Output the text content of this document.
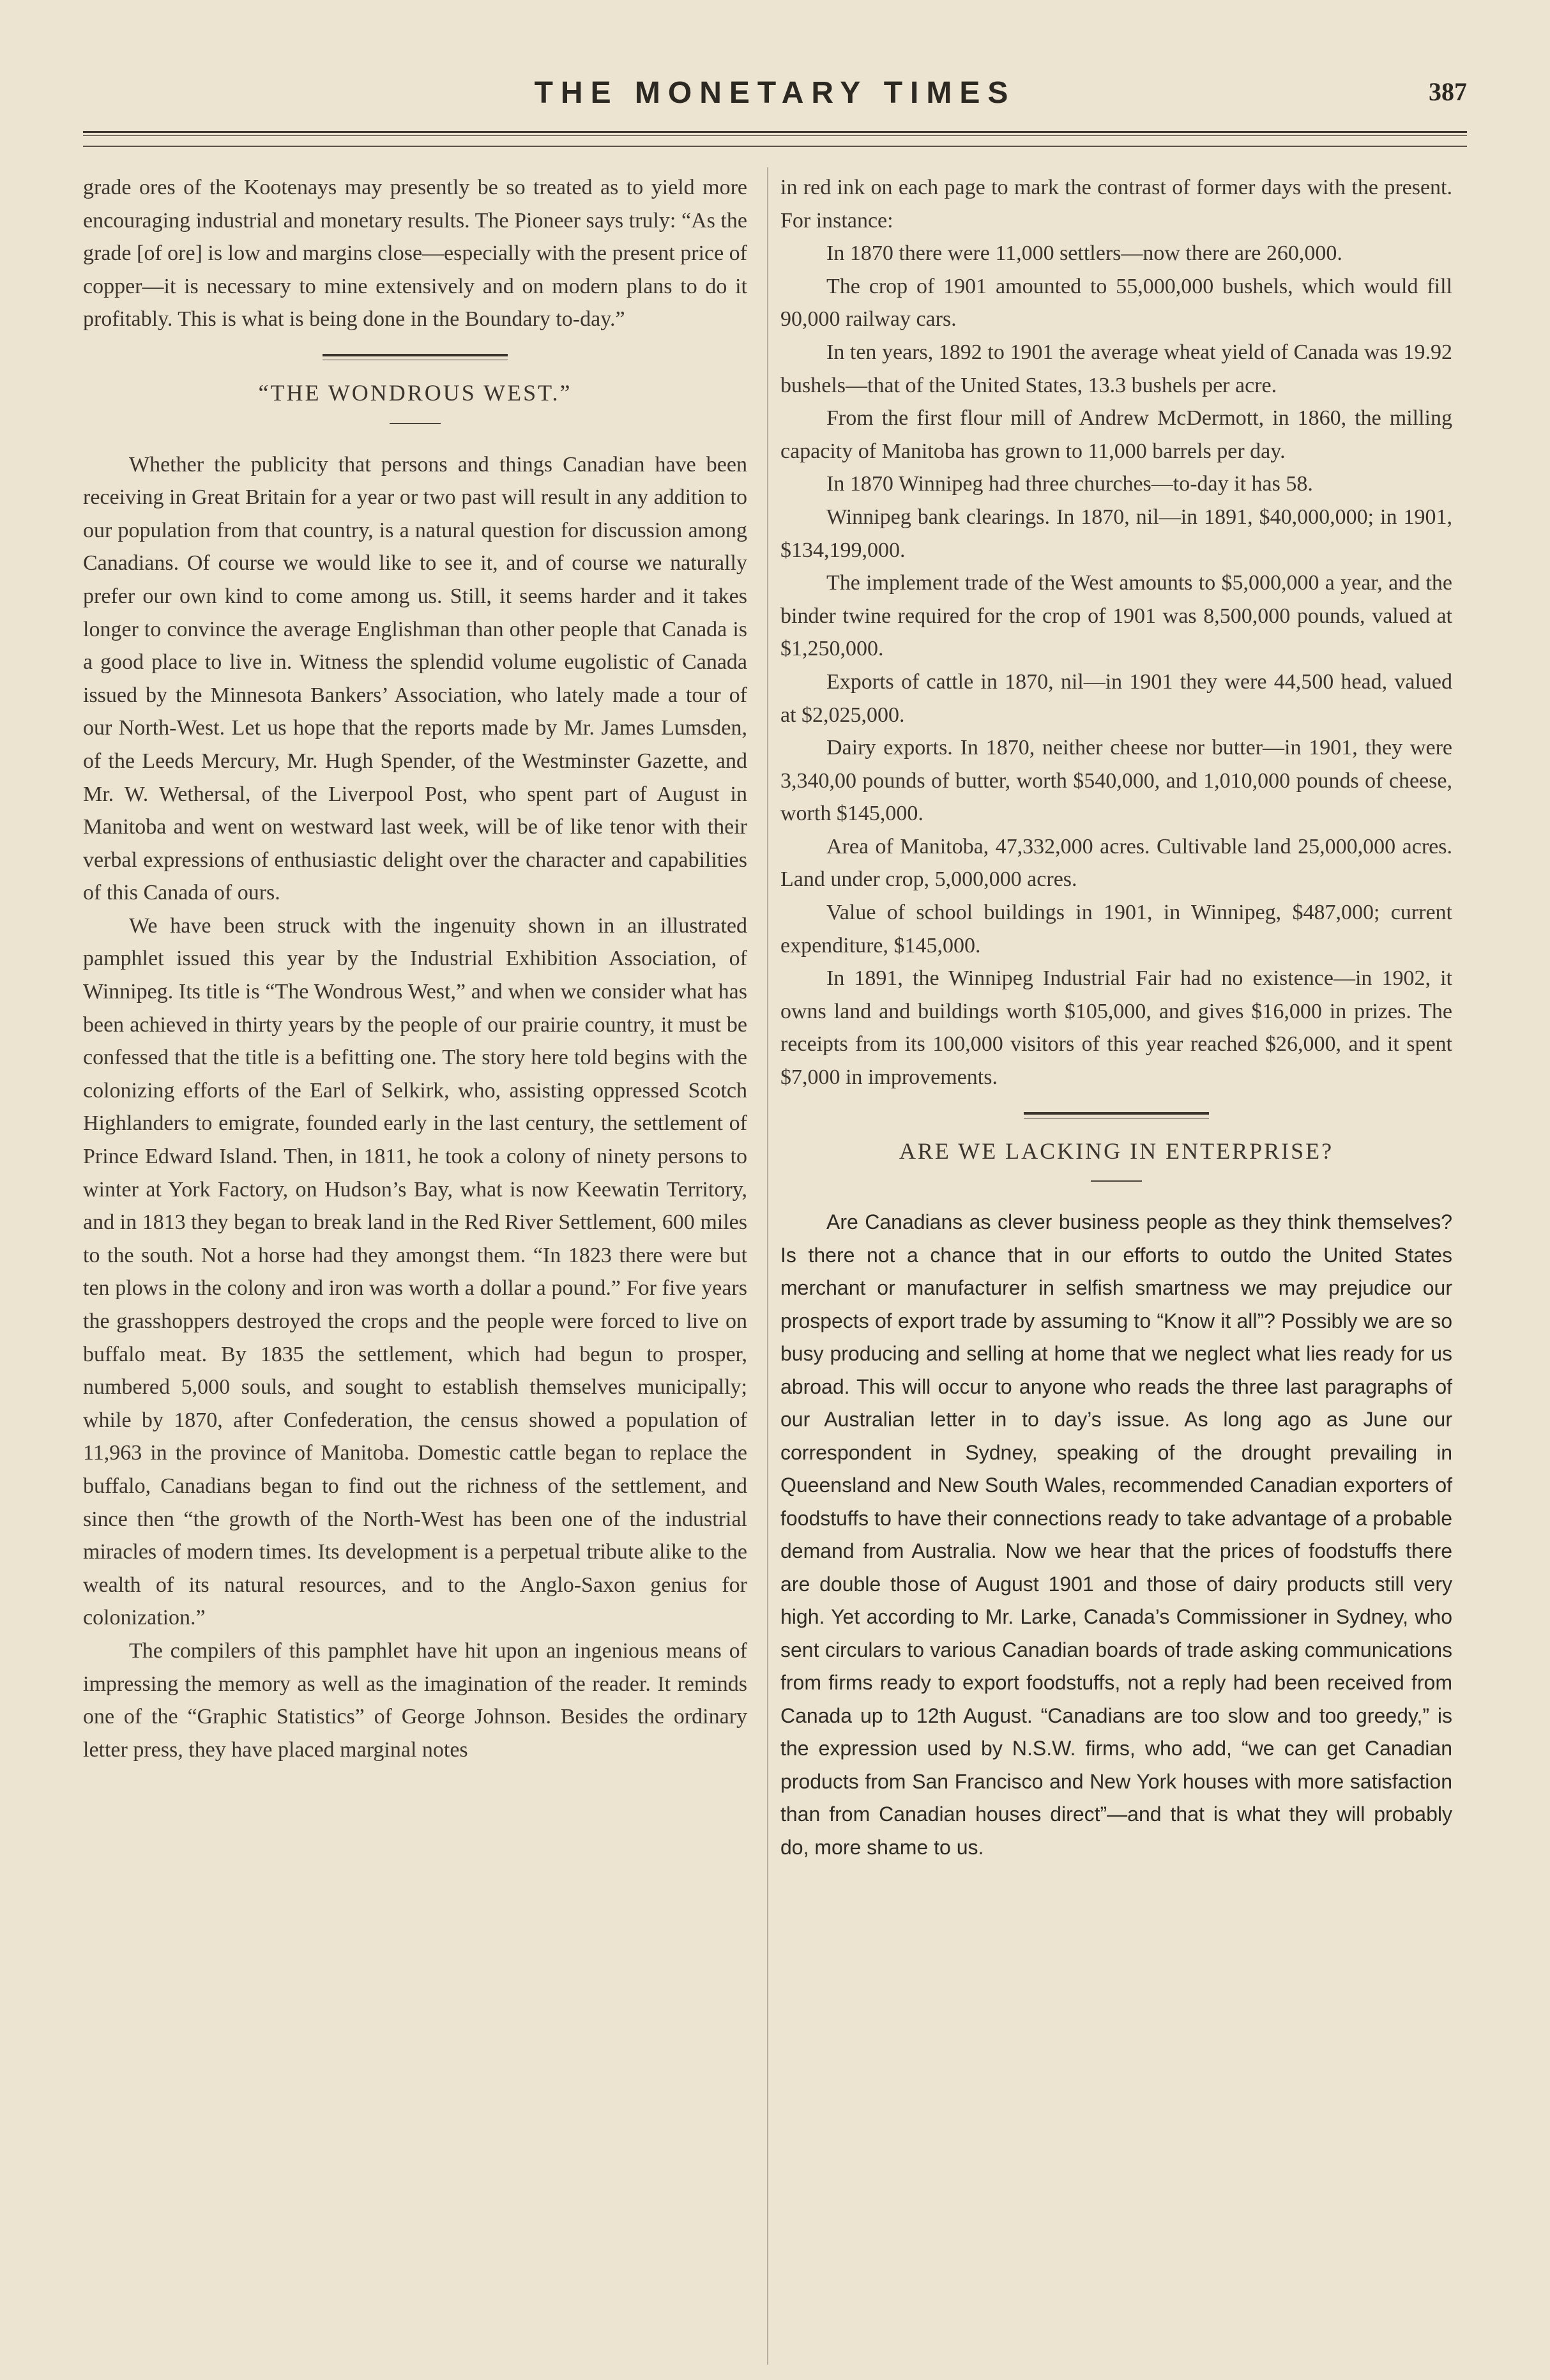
THE MONETARY TIMES	387

grade ores of the Kootenays may presently be so treated as to yield more encouraging industrial and monetary results. The Pioneer says truly: “As the grade [of ore] is low and margins close—especially with the present price of copper—it is necessary to mine extensively and on modern plans to do it profitably. This is what is being done in the Boundary to-day.”

“THE WONDROUS WEST.”

Whether the publicity that persons and things Canadian have been receiving in Great Britain for a year or two past will result in any addition to our population from that country, is a natural question for discussion among Canadians. Of course we would like to see it, and of course we naturally prefer our own kind to come among us. Still, it seems harder and it takes longer to convince the average Englishman than other people that Canada is a good place to live in. Witness the splendid volume eugolistic of Canada issued by the Minnesota Bankers’ Association, who lately made a tour of our North-West. Let us hope that the reports made by Mr. James Lumsden, of the Leeds Mercury, Mr. Hugh Spender, of the Westminster Gazette, and Mr. W. Wethersal, of the Liverpool Post, who spent part of August in Manitoba and went on westward last week, will be of like tenor with their verbal expressions of enthusiastic delight over the character and capabilities of this Canada of ours.

We have been struck with the ingenuity shown in an illustrated pamphlet issued this year by the Industrial Exhibition Association, of Winnipeg. Its title is “The Wondrous West,” and when we consider what has been achieved in thirty years by the people of our prairie country, it must be confessed that the title is a befitting one. The story here told begins with the colonizing efforts of the Earl of Selkirk, who, assisting oppressed Scotch Highlanders to emigrate, founded early in the last century, the settlement of Prince Edward Island. Then, in 1811, he took a colony of ninety persons to winter at York Factory, on Hudson’s Bay, what is now Keewatin Territory, and in 1813 they began to break land in the Red River Settlement, 600 miles to the south. Not a horse had they amongst them. “In 1823 there were but ten plows in the colony and iron was worth a dollar a pound.” For five years the grasshoppers destroyed the crops and the people were forced to live on buffalo meat. By 1835 the settlement, which had begun to prosper, numbered 5,000 souls, and sought to establish themselves municipally; while by 1870, after Confederation, the census showed a population of 11,963 in the province of Manitoba. Domestic cattle began to replace the buffalo, Canadians began to find out the richness of the settlement, and since then “the growth of the North-West has been one of the industrial miracles of modern times. Its development is a perpetual tribute alike to the wealth of its natural resources, and to the Anglo-Saxon genius for colonization.”

The compilers of this pamphlet have hit upon an ingenious means of impressing the memory as well as the imagination of the reader. It reminds one of the “Graphic Statistics” of George Johnson. Besides the ordinary letter press, they have placed marginal notes

in red ink on each page to mark the contrast of former days with the present. For instance:

In 1870 there were 11,000 settlers—now there are 260,000.

The crop of 1901 amounted to 55,000,000 bushels, which would fill 90,000 railway cars.

In ten years, 1892 to 1901 the average wheat yield of Canada was 19.92 bushels—that of the United States, 13.3 bushels per acre.

From the first flour mill of Andrew McDermott, in 1860, the milling capacity of Manitoba has grown to 11,000 barrels per day.

In 1870 Winnipeg had three churches—to-day it has 58.

Winnipeg bank clearings. In 1870, nil—in 1891, $40,000,000; in 1901, $134,199,000.

The implement trade of the West amounts to $5,000,000 a year, and the binder twine required for the crop of 1901 was 8,500,000 pounds, valued at $1,250,000.

Exports of cattle in 1870, nil—in 1901 they were 44,500 head, valued at $2,025,000.

Dairy exports. In 1870, neither cheese nor butter—in 1901, they were 3,340,00 pounds of butter, worth $540,000, and 1,010,000 pounds of cheese, worth $145,000.

Area of Manitoba, 47,332,000 acres. Cultivable land 25,000,000 acres. Land under crop, 5,000,000 acres.

Value of school buildings in 1901, in Winnipeg, $487,000; current expenditure, $145,000.

In 1891, the Winnipeg Industrial Fair had no existence—in 1902, it owns land and buildings worth $105,000, and gives $16,000 in prizes. The receipts from its 100,000 visitors of this year reached $26,000, and it spent $7,000 in improvements.

ARE WE LACKING IN ENTERPRISE?

Are Canadians as clever business people as they think themselves? Is there not a chance that in our efforts to outdo the United States merchant or manufacturer in selfish smartness we may prejudice our prospects of export trade by assuming to “Know it all”? Possibly we are so busy producing and selling at home that we neglect what lies ready for us abroad. This will occur to anyone who reads the three last paragraphs of our Australian letter in to day’s issue. As long ago as June our correspondent in Sydney, speaking of the drought prevailing in Queensland and New South Wales, recommended Canadian exporters of foodstuffs to have their connections ready to take advantage of a probable demand from Australia. Now we hear that the prices of foodstuffs there are double those of August 1901 and those of dairy products still very high. Yet according to Mr. Larke, Canada’s Commissioner in Sydney, who sent circulars to various Canadian boards of trade asking communications from firms ready to export foodstuffs, not a reply had been received from Canada up to 12th August. “Canadians are too slow and too greedy,” is the expression used by N.S.W. firms, who add, “we can get Canadian products from San Francisco and New York houses with more satisfaction than from Canadian houses direct”—and that is what they will probably do, more shame to us.
